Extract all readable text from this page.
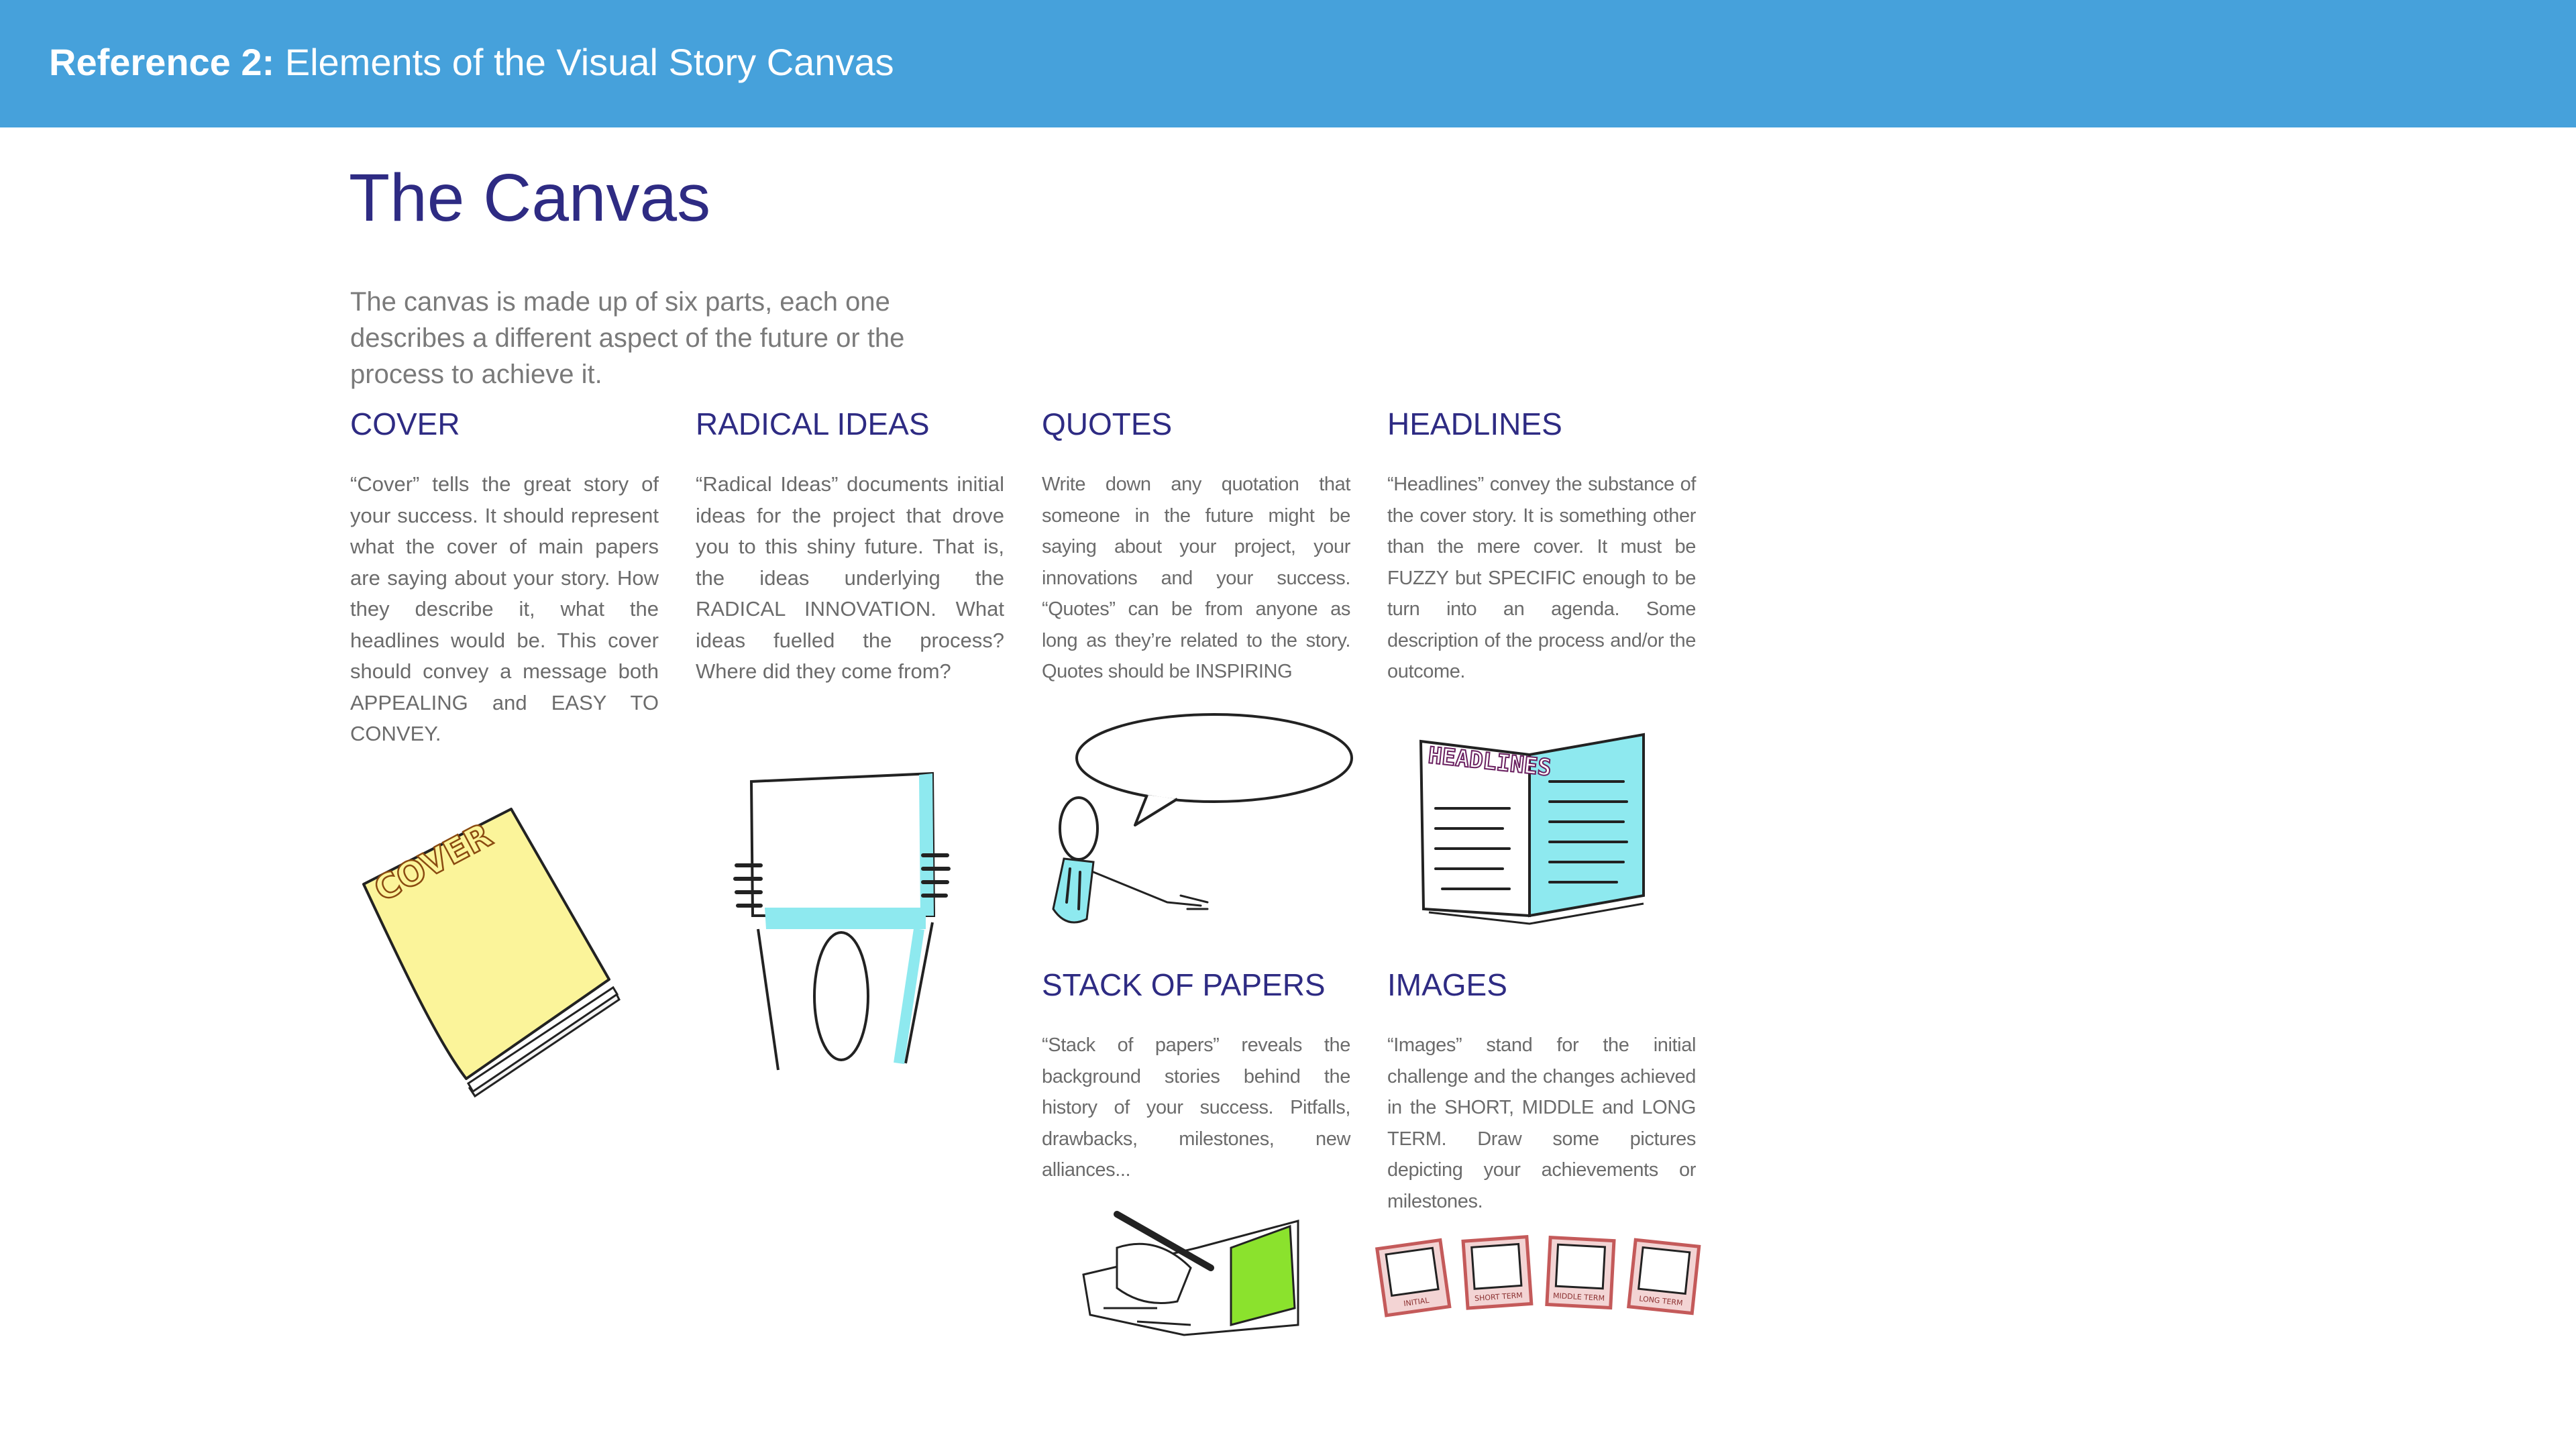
Reference 2: Elements of the Visual Story Canvas
The Canvas
The canvas is made up of six parts, each one describes a different aspect of the future or the process to achieve it.
COVER
“Cover” tells the great story of your success. It should represent what the cover of main papers are saying about your story. How they describe it, what the headlines would be. This cover should convey a message both APPEALING and EASY TO CONVEY.
RADICAL IDEAS
“Radical Ideas” documents initial ideas for the project that drove you to this shiny future. That is, the ideas underlying the RADICAL INNOVATION. What ideas fuelled the process? Where did they come from?
QUOTES
Write down any quotation that someone in the future might be saying about your project, your innovations and your success. “Quotes” can be from anyone as long as they’re related to the story. Quotes should be INSPIRING
HEADLINES
“Headlines” convey the substance of the cover story. It is something other than the mere cover. It must be FUZZY but SPECIFIC enough to be turn into an agenda. Some description of the process and/or the outcome.
STACK OF PAPERS
“Stack of papers” reveals the background stories behind the history of your success. Pitfalls, drawbacks, milestones, new alliances...
IMAGES
“Images” stand for the initial challenge and the changes achieved in the SHORT, MIDDLE and LONG TERM. Draw some pictures depicting your achievements or milestones.
COVER
HEADLINES
INITIAL	SHORT TERM	MIDDLE TERM	LONG TERM
